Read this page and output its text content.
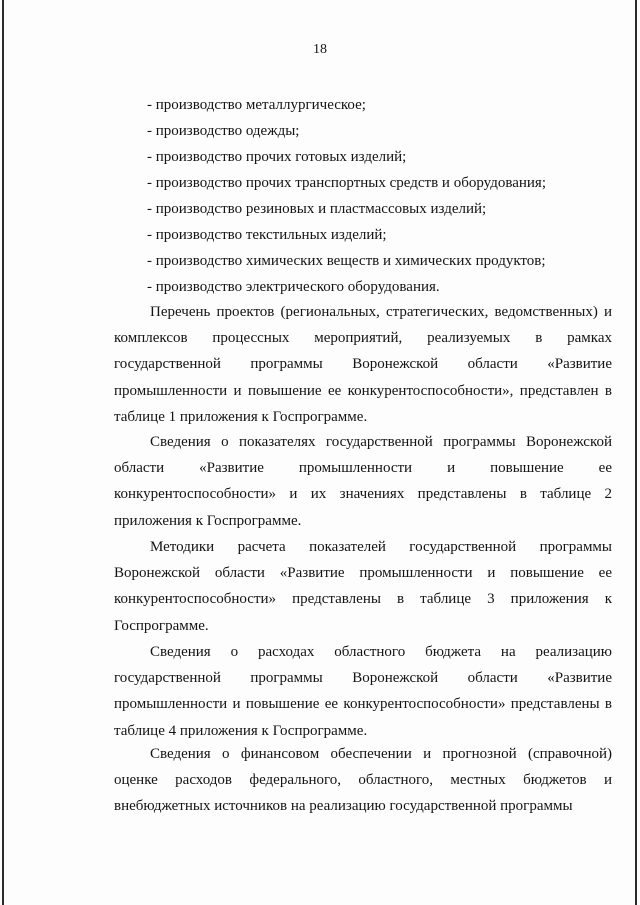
18
- производство металлургическое;
- производство одежды;
- производство прочих готовых изделий;
- производство прочих транспортных средств и оборудования;
- производство резиновых и пластмассовых изделий;
- производство текстильных изделий;
- производство химических веществ и химических продуктов;
- производство электрического оборудования.

Перечень проектов (региональных, стратегических, ведомственных) и комплексов процессных мероприятий, реализуемых в рамках государственной программы Воронежской области «Развитие промышленности и повышение ее конкурентоспособности», представлен в таблице 1 приложения к Госпрограмме.

Сведения о показателях государственной программы Воронежской области «Развитие промышленности и повышение ее конкурентоспособности» и их значениях представлены в таблице 2 приложения к Госпрограмме.

Методики расчета показателей государственной программы Воронежской области «Развитие промышленности и повышение ее конкурентоспособности» представлены в таблице 3 приложения к Госпрограмме.

Сведения о расходах областного бюджета на реализацию государственной программы Воронежской области «Развитие промышленности и повышение ее конкурентоспособности» представлены в таблице 4 приложения к Госпрограмме.

Сведения о финансовом обеспечении и прогнозной (справочной) оценке расходов федерального, областного, местных бюджетов и внебюджетных источников на реализацию государственной программы
